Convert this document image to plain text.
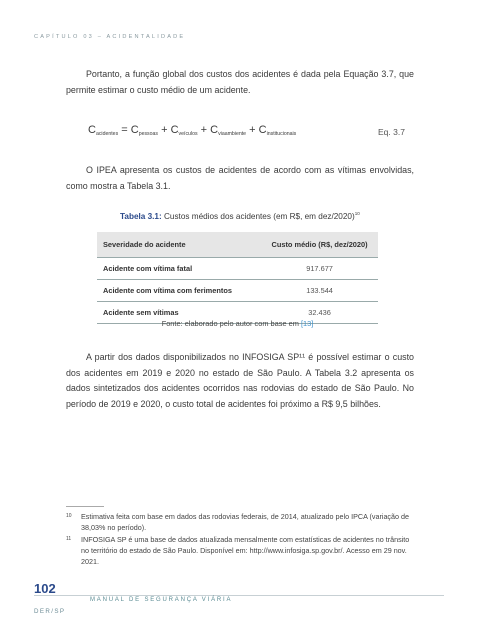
CAPÍTULO 03 – ACIDENTALIDADE
Portanto, a função global dos custos dos acidentes é dada pela Equação 3.7, que permite estimar o custo médio de um acidente.
$C_{acidentes} = C_{pessoas} + C_{veículos} + C_{viaambiente} + C_{institucionais}$	Eq. 3.7
O IPEA apresenta os custos de acidentes de acordo com as vítimas envolvidas, como mostra a Tabela 3.1.
Tabela 3.1: Custos médios dos acidentes (em R$, em dez/2020)$^{10}$
Severidade do acidente	Custo médio (R$, dez/2020)
Acidente com vítima fatal	917.677
Acidente com vítima com ferimentos	133.544
Acidente sem vítimas	32.436
Fonte: elaborado pelo autor com base em [13]
A partir dos dados disponibilizados no INFOSIGA SP¹¹ é possível estimar o custo dos acidentes em 2019 e 2020 no estado de São Paulo. A Tabela 3.2 apresenta os dados sintetizados dos acidentes ocorridos nas rodovias do estado de São Paulo. No período de 2019 e 2020, o custo total de acidentes foi próximo a R$ 9,5 bilhões.
10 Estimativa feita com base em dados das rodovias federais, de 2014, atualizado pelo IPCA (variação de 38,03% no período).
11 INFOSIGA SP é uma base de dados atualizada mensalmente com estatísticas de acidentes no trânsito no território do estado de São Paulo. Disponível em: http://www.infosiga.sp.gov.br/. Acesso em 29 nov. 2021.
102
MANUAL DE SEGURANÇA VIÁRIA
DER/SP
